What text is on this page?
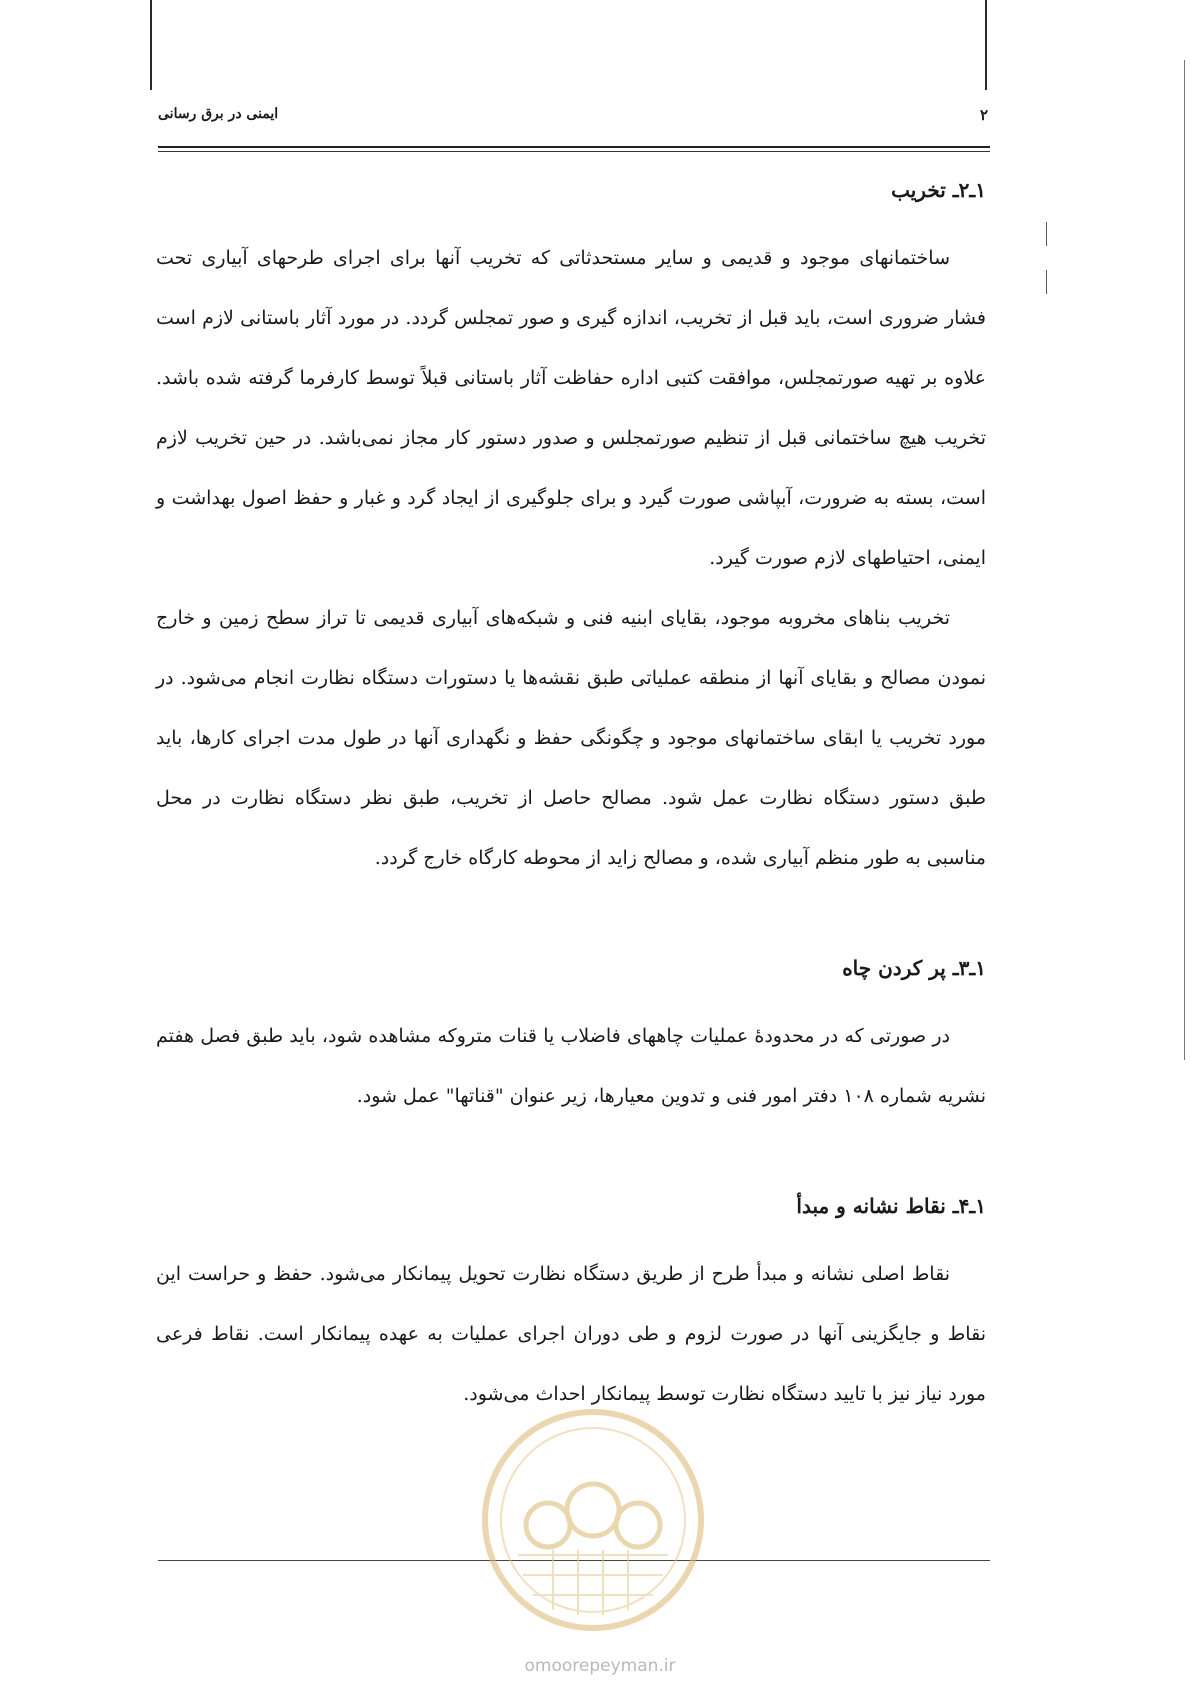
۲
ایمنی در برق رسانی
۱ـ۲ـ تخریب

ساختمانهای موجود و قدیمی و سایر مستحدثاتی که تخریب آنها برای اجرای طرحهای آبیاری تحت فشار ضروری است، باید قبل از تخریب، اندازه گیری و صور تمجلس گردد. در مورد آثار باستانی لازم است علاوه بر تهیه صورتمجلس، موافقت کتبی اداره حفاظت آثار باستانی قبلاً توسط کارفرما گرفته شده باشد. تخریب هیچ ساختمانی قبل از تنظیم صورتمجلس و صدور دستور کار مجاز نمی‌باشد. در حین تخریب لازم است، بسته به ضرورت، آبپاشی صورت گیرد و برای جلوگیری از ایجاد گرد و غبار و حفظ اصول بهداشت و ایمنی، احتیاطهای لازم صورت گیرد.

تخریب بناهای مخروبه موجود، بقایای ابنیه فنی و شبکه‌های آبیاری قدیمی تا تراز سطح زمین و خارج نمودن مصالح و بقایای آنها از منطقه عملیاتی طبق نقشه‌ها یا دستورات دستگاه نظارت انجام می‌شود. در مورد تخریب یا ابقای ساختمانهای موجود و چگونگی حفظ و نگهداری آنها در طول مدت اجرای کارها، باید طبق دستور دستگاه نظارت عمل شود. مصالح حاصل از تخریب، طبق نظر دستگاه نظارت در محل مناسبی به طور منظم آبیاری شده، و مصالح زاید از محوطه کارگاه خارج گردد.

۱ـ۳ـ پر کردن چاه

در صورتی که در محدودهٔ عملیات چاههای فاضلاب یا قنات متروکه مشاهده شود، باید طبق فصل هفتم نشریه شماره ۱۰۸ دفتر امور فنی و تدوین معیارها، زیر عنوان "قناتها" عمل شود.

۱ـ۴ـ نقاط نشانه و مبدأ

نقاط اصلی نشانه و مبدأ طرح از طریق دستگاه نظارت تحویل پیمانکار می‌شود. حفظ و حراست این نقاط و جایگزینی آنها در صورت لزوم و طی دوران اجرای عملیات به عهده پیمانکار است. نقاط فرعی مورد نیاز نیز با تایید دستگاه نظارت توسط پیمانکار احداث می‌شود.

omoorepeyman.ir
